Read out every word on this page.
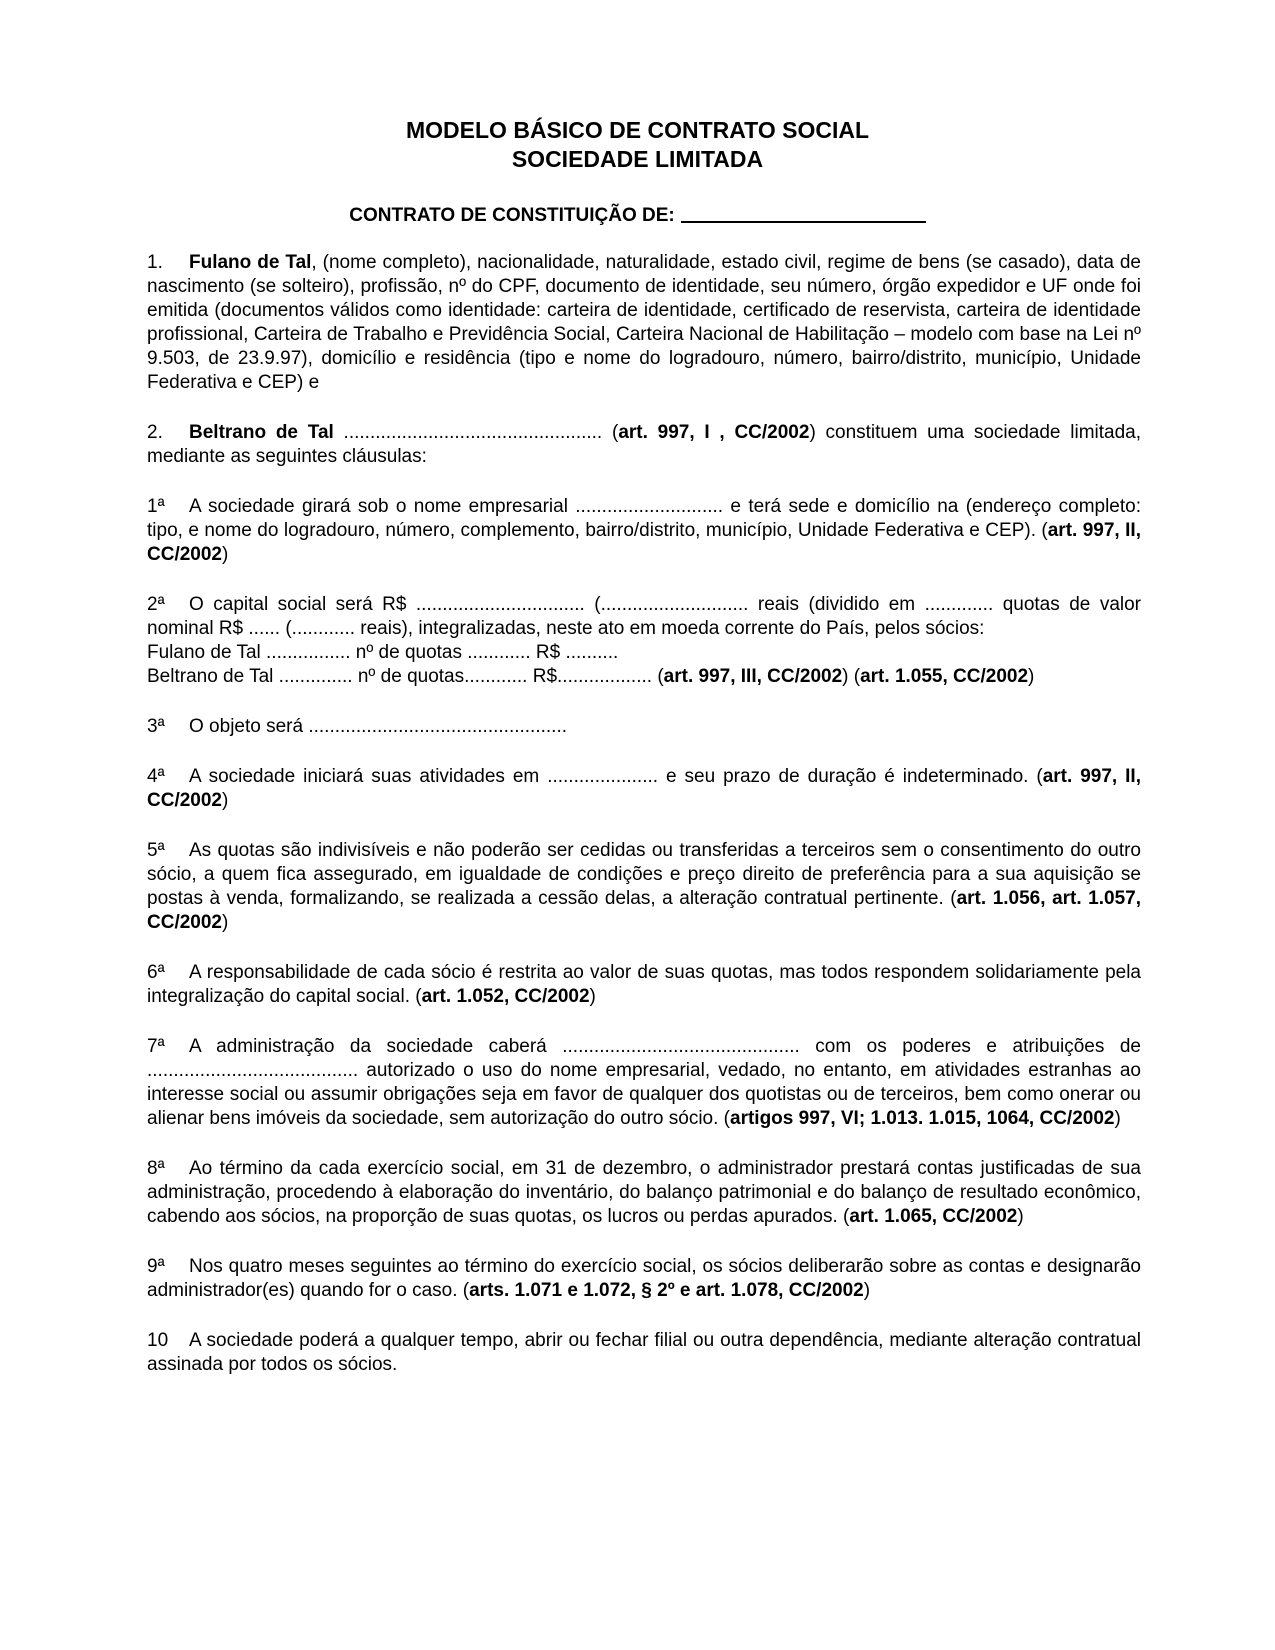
MODELO BÁSICO DE CONTRATO SOCIAL
SOCIEDADE LIMITADA
CONTRATO DE CONSTITUIÇÃO DE:

1. Fulano de Tal, (nome completo), nacionalidade, naturalidade, estado civil, regime de bens (se casado), data de nascimento (se solteiro), profissão, nº do CPF, documento de identidade, seu número, órgão expedidor e UF onde foi emitida (documentos válidos como identidade: carteira de identidade, certificado de reservista, carteira de identidade profissional, Carteira de Trabalho e Previdência Social, Carteira Nacional de Habilitação – modelo com base na Lei nº 9.503, de 23.9.97), domicílio e residência (tipo e nome do logradouro, número, bairro/distrito, município, Unidade Federativa e CEP) e

2. Beltrano de Tal ................................................. (art. 997, I , CC/2002) constituem uma sociedade limitada, mediante as seguintes cláusulas:

1ª A sociedade girará sob o nome empresarial ............................ e terá sede e domicílio na (endereço completo: tipo, e nome do logradouro, número, complemento, bairro/distrito, município, Unidade Federativa e CEP). (art. 997, II, CC/2002)

2ª O capital social será R$ ................................ (............................ reais (dividido em ............. quotas de valor nominal R$ ...... (............ reais), integralizadas, neste ato em moeda corrente do País, pelos sócios:
Fulano de Tal ................ nº de quotas ............ R$ ..........
Beltrano de Tal .............. nº de quotas............ R$.................. (art. 997, III, CC/2002) (art. 1.055, CC/2002)

3ª O objeto será .................................................

4ª A sociedade iniciará suas atividades em ..................... e seu prazo de duração é indeterminado. (art. 997, II, CC/2002)

5ª As quotas são indivisíveis e não poderão ser cedidas ou transferidas a terceiros sem o consentimento do outro sócio, a quem fica assegurado, em igualdade de condições e preço direito de preferência para a sua aquisição se postas à venda, formalizando, se realizada a cessão delas, a alteração contratual pertinente. (art. 1.056, art. 1.057, CC/2002)

6ª A responsabilidade de cada sócio é restrita ao valor de suas quotas, mas todos respondem solidariamente pela integralização do capital social. (art. 1.052, CC/2002)

7ª A administração da sociedade caberá ............................................. com os poderes e atribuições de ........................................ autorizado o uso do nome empresarial, vedado, no entanto, em atividades estranhas ao interesse social ou assumir obrigações seja em favor de qualquer dos quotistas ou de terceiros, bem como onerar ou alienar bens imóveis da sociedade, sem autorização do outro sócio. (artigos 997, VI; 1.013. 1.015, 1064, CC/2002)

8ª Ao término da cada exercício social, em 31 de dezembro, o administrador prestará contas justificadas de sua administração, procedendo à elaboração do inventário, do balanço patrimonial e do balanço de resultado econômico, cabendo aos sócios, na proporção de suas quotas, os lucros ou perdas apurados. (art. 1.065, CC/2002)

9ª Nos quatro meses seguintes ao término do exercício social, os sócios deliberarão sobre as contas e designarão administrador(es) quando for o caso. (arts. 1.071 e 1.072, § 2º e art. 1.078, CC/2002)

10 A sociedade poderá a qualquer tempo, abrir ou fechar filial ou outra dependência, mediante alteração contratual assinada por todos os sócios.
